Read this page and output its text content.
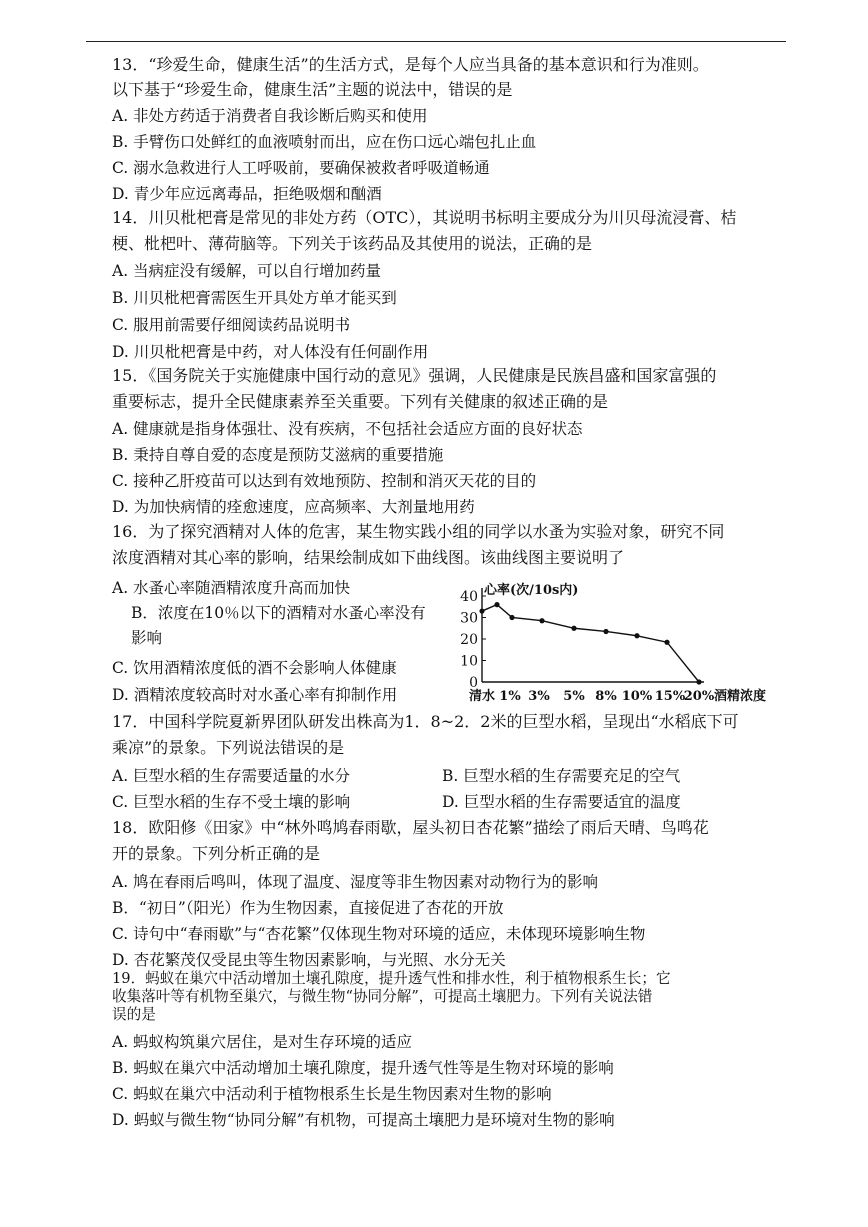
13．“珍爱生命，健康生活”的生活方式，是每个人应当具备的基本意识和行为准则。
以下基于“珍爱生命，健康生活”主题的说法中，错误的是
A. 非处方药适于消费者自我诊断后购买和使用
B. 手臂伤口处鲜红的血液喷射而出，应在伤口远心端包扎止血
C. 溺水急救进行人工呼吸前，要确保被救者呼吸道畅通
D. 青少年应远离毒品，拒绝吸烟和酗酒
14．川贝枇杷膏是常见的非处方药（OTC），其说明书标明主要成分为川贝母流浸膏、桔
梗、枇杷叶、薄荷脑等。下列关于该药品及其使用的说法，正确的是
A. 当病症没有缓解，可以自行增加药量
B. 川贝枇杷膏需医生开具处方单才能买到
C. 服用前需要仔细阅读药品说明书
D. 川贝枇杷膏是中药，对人体没有任何副作用
15．《国务院关于实施健康中国行动的意见》强调，人民健康是民族昌盛和国家富强的
重要标志，提升全民健康素养至关重要。下列有关健康的叙述正确的是
A. 健康就是指身体强壮、没有疾病，不包括社会适应方面的良好状态
B. 秉持自尊自爱的态度是预防艾滋病的重要措施
C. 接种乙肝疫苗可以达到有效地预防、控制和消灭天花的目的
D. 为加快病情的痊愈速度，应高频率、大剂量地用药
16．为了探究酒精对人体的危害，某生物实践小组的同学以水蚤为实验对象，研究不同
浓度酒精对其心率的影响，结果绘制成如下曲线图。该曲线图主要说明了
A. 水蚤心率随酒精浓度升高而加快
B．浓度在10％以下的酒精对水蚤心率没有
影响
C. 饮用酒精浓度低的酒不会影响人体健康
D. 酒精浓度较高时对水蚤心率有抑制作用
0
10
20
30
40 心率(次/10s内)
清水 1% 3% 5% 8% 10% 15%
20% 酒精浓度
17．中国科学院夏新界团队研发出株高为1．8~2．2米的巨型水稻，呈现出“水稻底下可
乘凉”的景象。下列说法错误的是
A. 巨型水稻的生存需要适量的水分	B. 巨型水稻的生存需要充足的空气
C. 巨型水稻的生存不受土壤的影响	D. 巨型水稻的生存需要适宜的温度
18．欧阳修《田家》中“林外鸣鸠春雨歇，屋头初日杏花繁”描绘了雨后天晴、鸟鸣花
开的景象。下列分析正确的是
A. 鸠在春雨后鸣叫，体现了温度、湿度等非生物因素对动物行为的影响
B．“初日”（阳光）作为生物因素，直接促进了杏花的开放
C. 诗句中“春雨歇”与“杏花繁”仅体现生物对环境的适应，未体现环境影响生物
D. 杏花繁茂仅受昆虫等生物因素影响，与光照、水分无关
19．蚂蚁在巢穴中活动增加土壤孔隙度，提升透气性和排水性，利于植物根系生长；它
收集落叶等有机物至巢穴，与微生物“协同分解”，可提高土壤肥力。下列有关说法错
误的是
A. 蚂蚁构筑巢穴居住，是对生存环境的适应
B. 蚂蚁在巢穴中活动增加土壤孔隙度，提升透气性等是生物对环境的影响
C. 蚂蚁在巢穴中活动利于植物根系生长是生物因素对生物的影响
D. 蚂蚁与微生物“协同分解”有机物，可提高土壤肥力是环境对生物的影响
